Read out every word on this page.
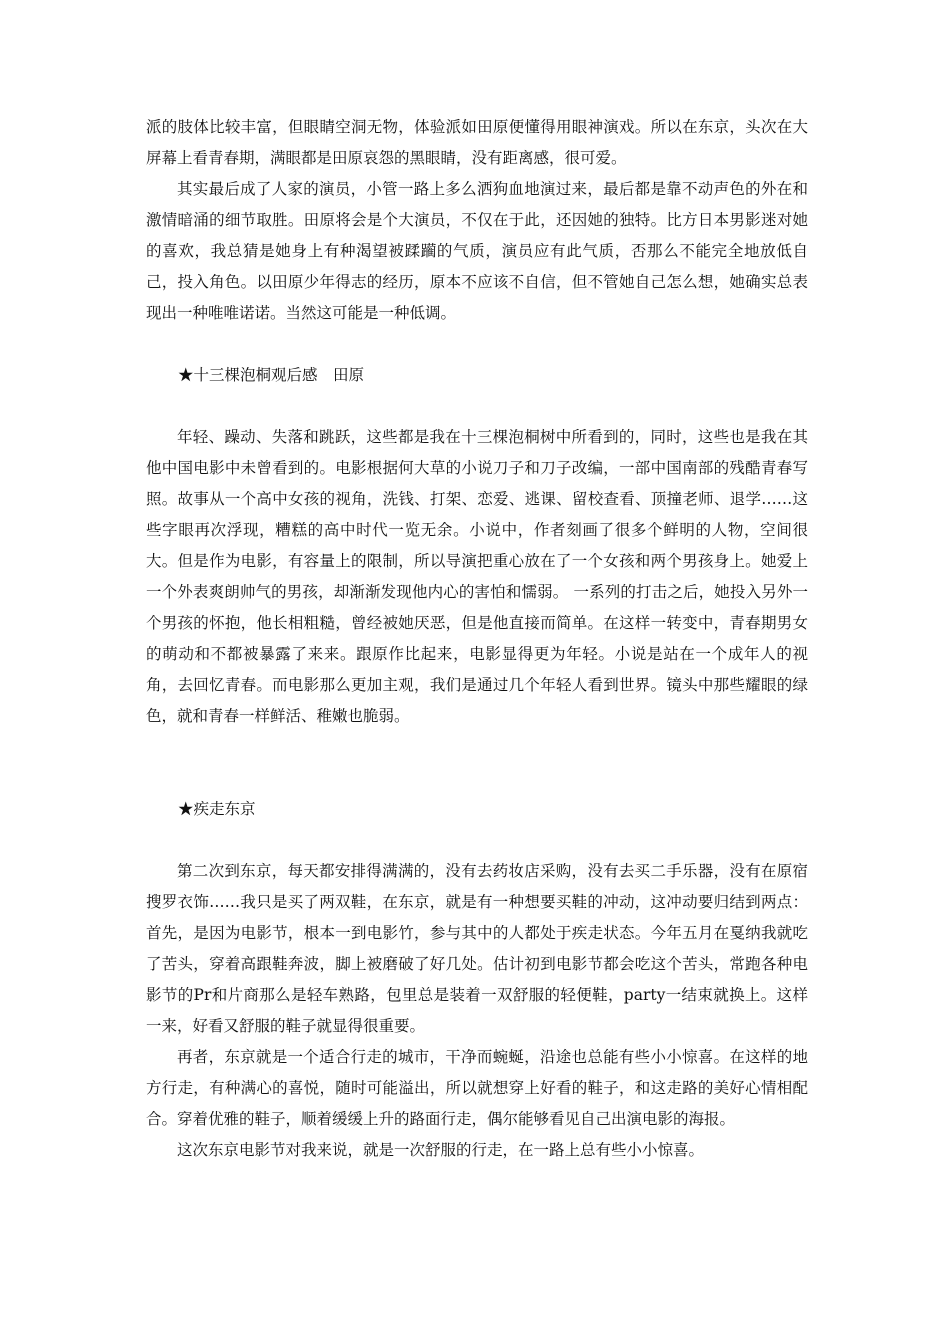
派的肢体比较丰富，但眼睛空洞无物，体验派如田原便懂得用眼神演戏。所以在东京，头次在大屏幕上看青春期，满眼都是田原哀怨的黑眼睛，没有距离感，很可爱。

其实最后成了人家的演员，小管一路上多么洒狗血地演过来，最后都是靠不动声色的外在和激情暗涌的细节取胜。田原将会是个大演员，不仅在于此，还因她的独特。比方日本男影迷对她的喜欢，我总猜是她身上有种渴望被蹂躏的气质，演员应有此气质，否那么不能完全地放低自己，投入角色。以田原少年得志的经历，原本不应该不自信，但不管她自己怎么想，她确实总表现出一种唯唯诺诺。当然这可能是一种低调。

★十三棵泡桐观后感　田原

年轻、躁动、失落和跳跃，这些都是我在十三棵泡桐树中所看到的，同时，这些也是我在其他中国电影中未曾看到的。电影根据何大草的小说刀子和刀子改编，一部中国南部的残酷青春写照。故事从一个高中女孩的视角，洗钱、打架、恋爱、逃课、留校查看、顶撞老师、退学……这些字眼再次浮现，糟糕的高中时代一览无余。小说中，作者刻画了很多个鲜明的人物，空间很大。但是作为电影，有容量上的限制，所以导演把重心放在了一个女孩和两个男孩身上。她爱上一个外表爽朗帅气的男孩，却渐渐发现他内心的害怕和懦弱。 一系列的打击之后，她投入另外一个男孩的怀抱，他长相粗糙，曾经被她厌恶，但是他直接而简单。在这样一转变中，青春期男女的萌动和不都被暴露了来来。跟原作比起来，电影显得更为年轻。小说是站在一个成年人的视角，去回忆青春。而电影那么更加主观，我们是通过几个年轻人看到世界。镜头中那些耀眼的绿色，就和青春一样鲜活、稚嫩也脆弱。

★疾走东京

第二次到东京，每天都安排得满满的，没有去药妆店采购，没有去买二手乐器，没有在原宿搜罗衣饰……我只是买了两双鞋，在东京，就是有一种想要买鞋的冲动，这冲动要归结到两点：首先，是因为电影节，根本一到电影竹，参与其中的人都处于疾走状态。今年五月在戛纳我就吃了苦头，穿着高跟鞋奔波，脚上被磨破了好几处。估计初到电影节都会吃这个苦头，常跑各种电影节的Pr和片商那么是轻车熟路，包里总是装着一双舒服的轻便鞋，party一结束就换上。这样一来，好看又舒服的鞋子就显得很重要。

再者，东京就是一个适合行走的城市，干净而蜿蜒，沿途也总能有些小小惊喜。在这样的地方行走，有种满心的喜悦，随时可能溢出，所以就想穿上好看的鞋子，和这走路的美好心情相配合。穿着优雅的鞋子，顺着缓缓上升的路面行走，偶尔能够看见自己出演电影的海报。

这次东京电影节对我来说，就是一次舒服的行走，在一路上总有些小小惊喜。
